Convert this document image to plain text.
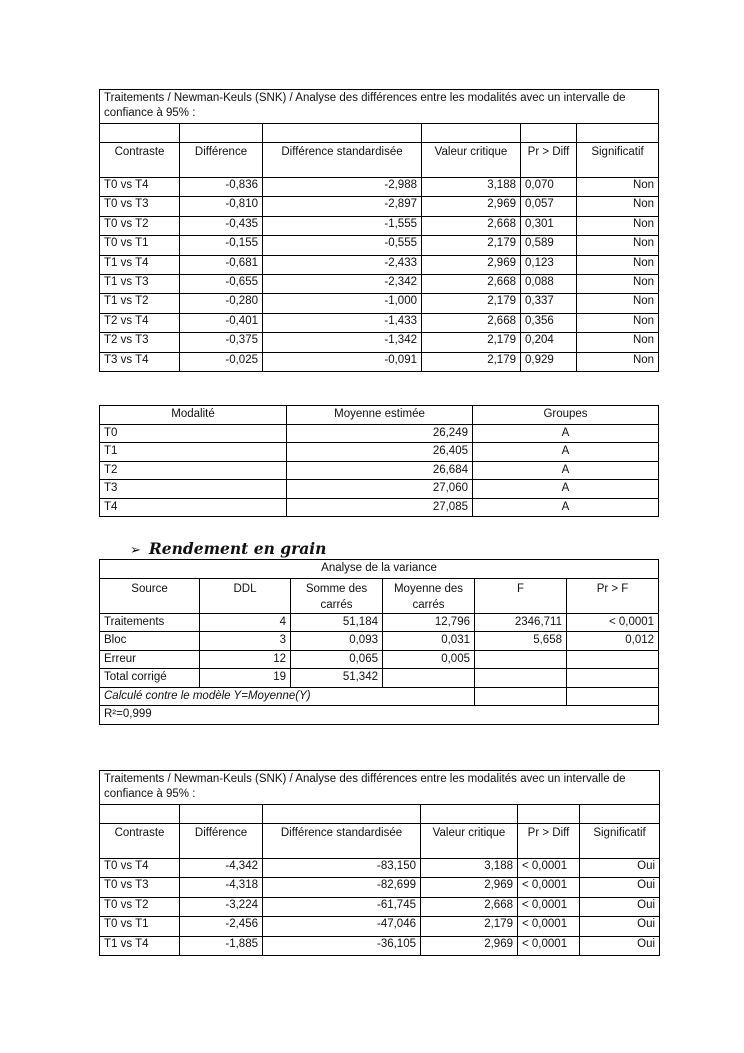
Traitements / Newman-Keuls (SNK) / Analyse des différences entre les modalités avec un intervalle de confiance à 95% :					

Contraste	Différence	Différence standardisée	Valeur critique	Pr > Diff	Significatif
T0 vs T4	-0,836	-2,988	3,188	0,070	Non
T0 vs T3	-0,810	-2,897	2,969	0,057	Non
T0 vs T2	-0,435	-1,555	2,668	0,301	Non
T0 vs T1	-0,155	-0,555	2,179	0,589	Non
T1 vs T4	-0,681	-2,433	2,969	0,123	Non
T1 vs T3	-0,655	-2,342	2,668	0,088	Non
T1 vs T2	-0,280	-1,000	2,179	0,337	Non
T2 vs T4	-0,401	-1,433	2,668	0,356	Non
T2 vs T3	-0,375	-1,342	2,179	0,204	Non
T3 vs T4	-0,025	-0,091	2,179	0,929	Non
Modalité	Moyenne estimée	Groupes
T0	26,249	A
T1	26,405	A
T2	26,684	A
T3	27,060	A
T4	27,085	A
➢ Rendement en grain
Analyse de la variance					
Source	DDL	Somme des carrés	Moyenne des carrés	F	Pr > F
Traitements	4	51,184	12,796	2346,711	< 0,0001
Bloc	3	0,093	0,031	5,658	0,012
Erreur	12	0,065	0,005		
Total corrigé	19	51,342			
Calculé contre le modèle Y=Moyenne(Y)					
R²=0,999					
Traitements / Newman-Keuls (SNK) / Analyse des différences entre les modalités avec un intervalle de confiance à 95% :					

Contraste	Différence	Différence standardisée	Valeur critique	Pr > Diff	Significatif
T0 vs T4	-4,342	-83,150	3,188	< 0,0001	Oui
T0 vs T3	-4,318	-82,699	2,969	< 0,0001	Oui
T0 vs T2	-3,224	-61,745	2,668	< 0,0001	Oui
T0 vs T1	-2,456	-47,046	2,179	< 0,0001	Oui
T1 vs T4	-1,885	-36,105	2,969	< 0,0001	Oui
